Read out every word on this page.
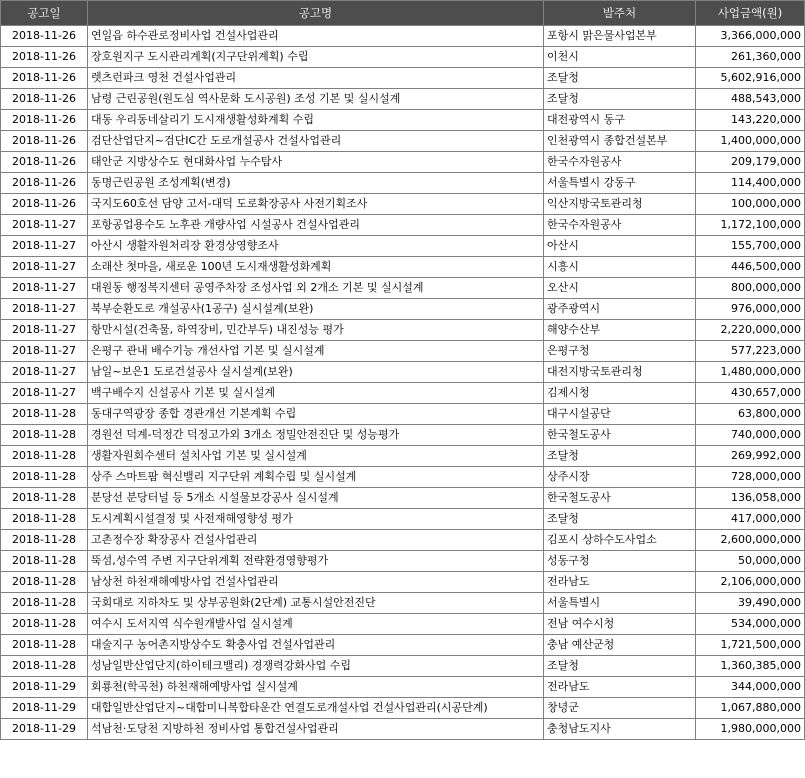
공고일	공고명	발주처	사업금액(원)
2018-11-26	연일읍 하수관로정비사업 건설사업관리	포항시 맑은물사업본부	3,366,000,000
2018-11-26	장호원지구 도시관리계획(지구단위계획) 수립	이천시	261,360,000
2018-11-26	렛츠런파크 영천 건설사업관리	조달청	5,602,916,000
2018-11-26	남령 근린공원(원도심 역사문화 도시공원) 조성 기본 및 실시설계	조달청	488,543,000
2018-11-26	대동 우리동네살리기 도시재생활성화계획 수립	대전광역시 동구	143,220,000
2018-11-26	검단산업단지~검단IC간 도로개설공사 건설사업관리	인천광역시 종합건설본부	1,400,000,000
2018-11-26	태안군 지방상수도 현대화사업 누수탐사	한국수자원공사	209,179,000
2018-11-26	동명근린공원 조성계획(변경)	서울특별시 강동구	114,400,000
2018-11-26	국지도60호선 담양 고서-대덕 도로확장공사 사전기획조사	익산지방국토관리청	100,000,000
2018-11-27	포항공업용수도 노후관 개량사업 시설공사 건설사업관리	한국수자원공사	1,172,100,000
2018-11-27	아산시 생활자원처리장 환경상영향조사	아산시	155,700,000
2018-11-27	소래산 첫마을, 새로운 100년 도시재생활성화계획	시흥시	446,500,000
2018-11-27	대원동 행정복지센터 공영주차장 조성사업 외 2개소 기본 및 실시설계	오산시	800,000,000
2018-11-27	북부순환도로 개설공사(1공구) 실시설계(보완)	광주광역시	976,000,000
2018-11-27	항만시설(건축물, 하역장비, 민간부두) 내진성능 평가	해양수산부	2,220,000,000
2018-11-27	은평구 관내 배수기능 개선사업 기본 및 실시설계	은평구청	577,223,000
2018-11-27	남일~보은1 도로건설공사 실시설계(보완)	대전지방국토관리청	1,480,000,000
2018-11-27	백구배수지 신설공사 기본 및 실시설계	김제시청	430,657,000
2018-11-28	동대구역광장 종합 경관개선 기본계획 수립	대구시설공단	63,800,000
2018-11-28	경원선 덕계-덕정간 덕정고가외 3개소 정밀안전진단 및 성능평가	한국철도공사	740,000,000
2018-11-28	생활자원회수센터 설치사업 기본 및 실시설계	조달청	269,992,000
2018-11-28	상주 스마트팜 혁신밸리 지구단위 계획수립 및 실시설계	상주시장	728,000,000
2018-11-28	분당선 분당터널 등 5개소 시설물보강공사 실시설계	한국철도공사	136,058,000
2018-11-28	도시계획시설결정 및 사전재해영향성 평가	조달청	417,000,000
2018-11-28	고촌정수장 확장공사 건설사업관리	김포시 상하수도사업소	2,600,000,000
2018-11-28	뚝섬,성수역 주변 지구단위계획 전략환경영향평가	성동구청	50,000,000
2018-11-28	남상천 하천재해예방사업 건설사업관리	전라남도	2,106,000,000
2018-11-28	국회대로 지하차도 및 상부공원화(2단계) 교통시설안전진단	서울특별시	39,490,000
2018-11-28	여수시 도서지역 식수원개발사업 실시설계	전남 여수시청	534,000,000
2018-11-28	대술지구 농어촌지방상수도 확충사업 건설사업관리	충남 예산군청	1,721,500,000
2018-11-28	성남일반산업단지(하이테크밸리) 경쟁력강화사업 수립	조달청	1,360,385,000
2018-11-29	회룡천(학곡천) 하천재해예방사업 실시설계	전라남도	344,000,000
2018-11-29	대합일반산업단지~대합미니복합타운간 연결도로개설사업 건설사업관리(시공단계)	창녕군	1,067,880,000
2018-11-29	석남천·도당천 지방하천 정비사업 통합건설사업관리	충청남도지사	1,980,000,000
